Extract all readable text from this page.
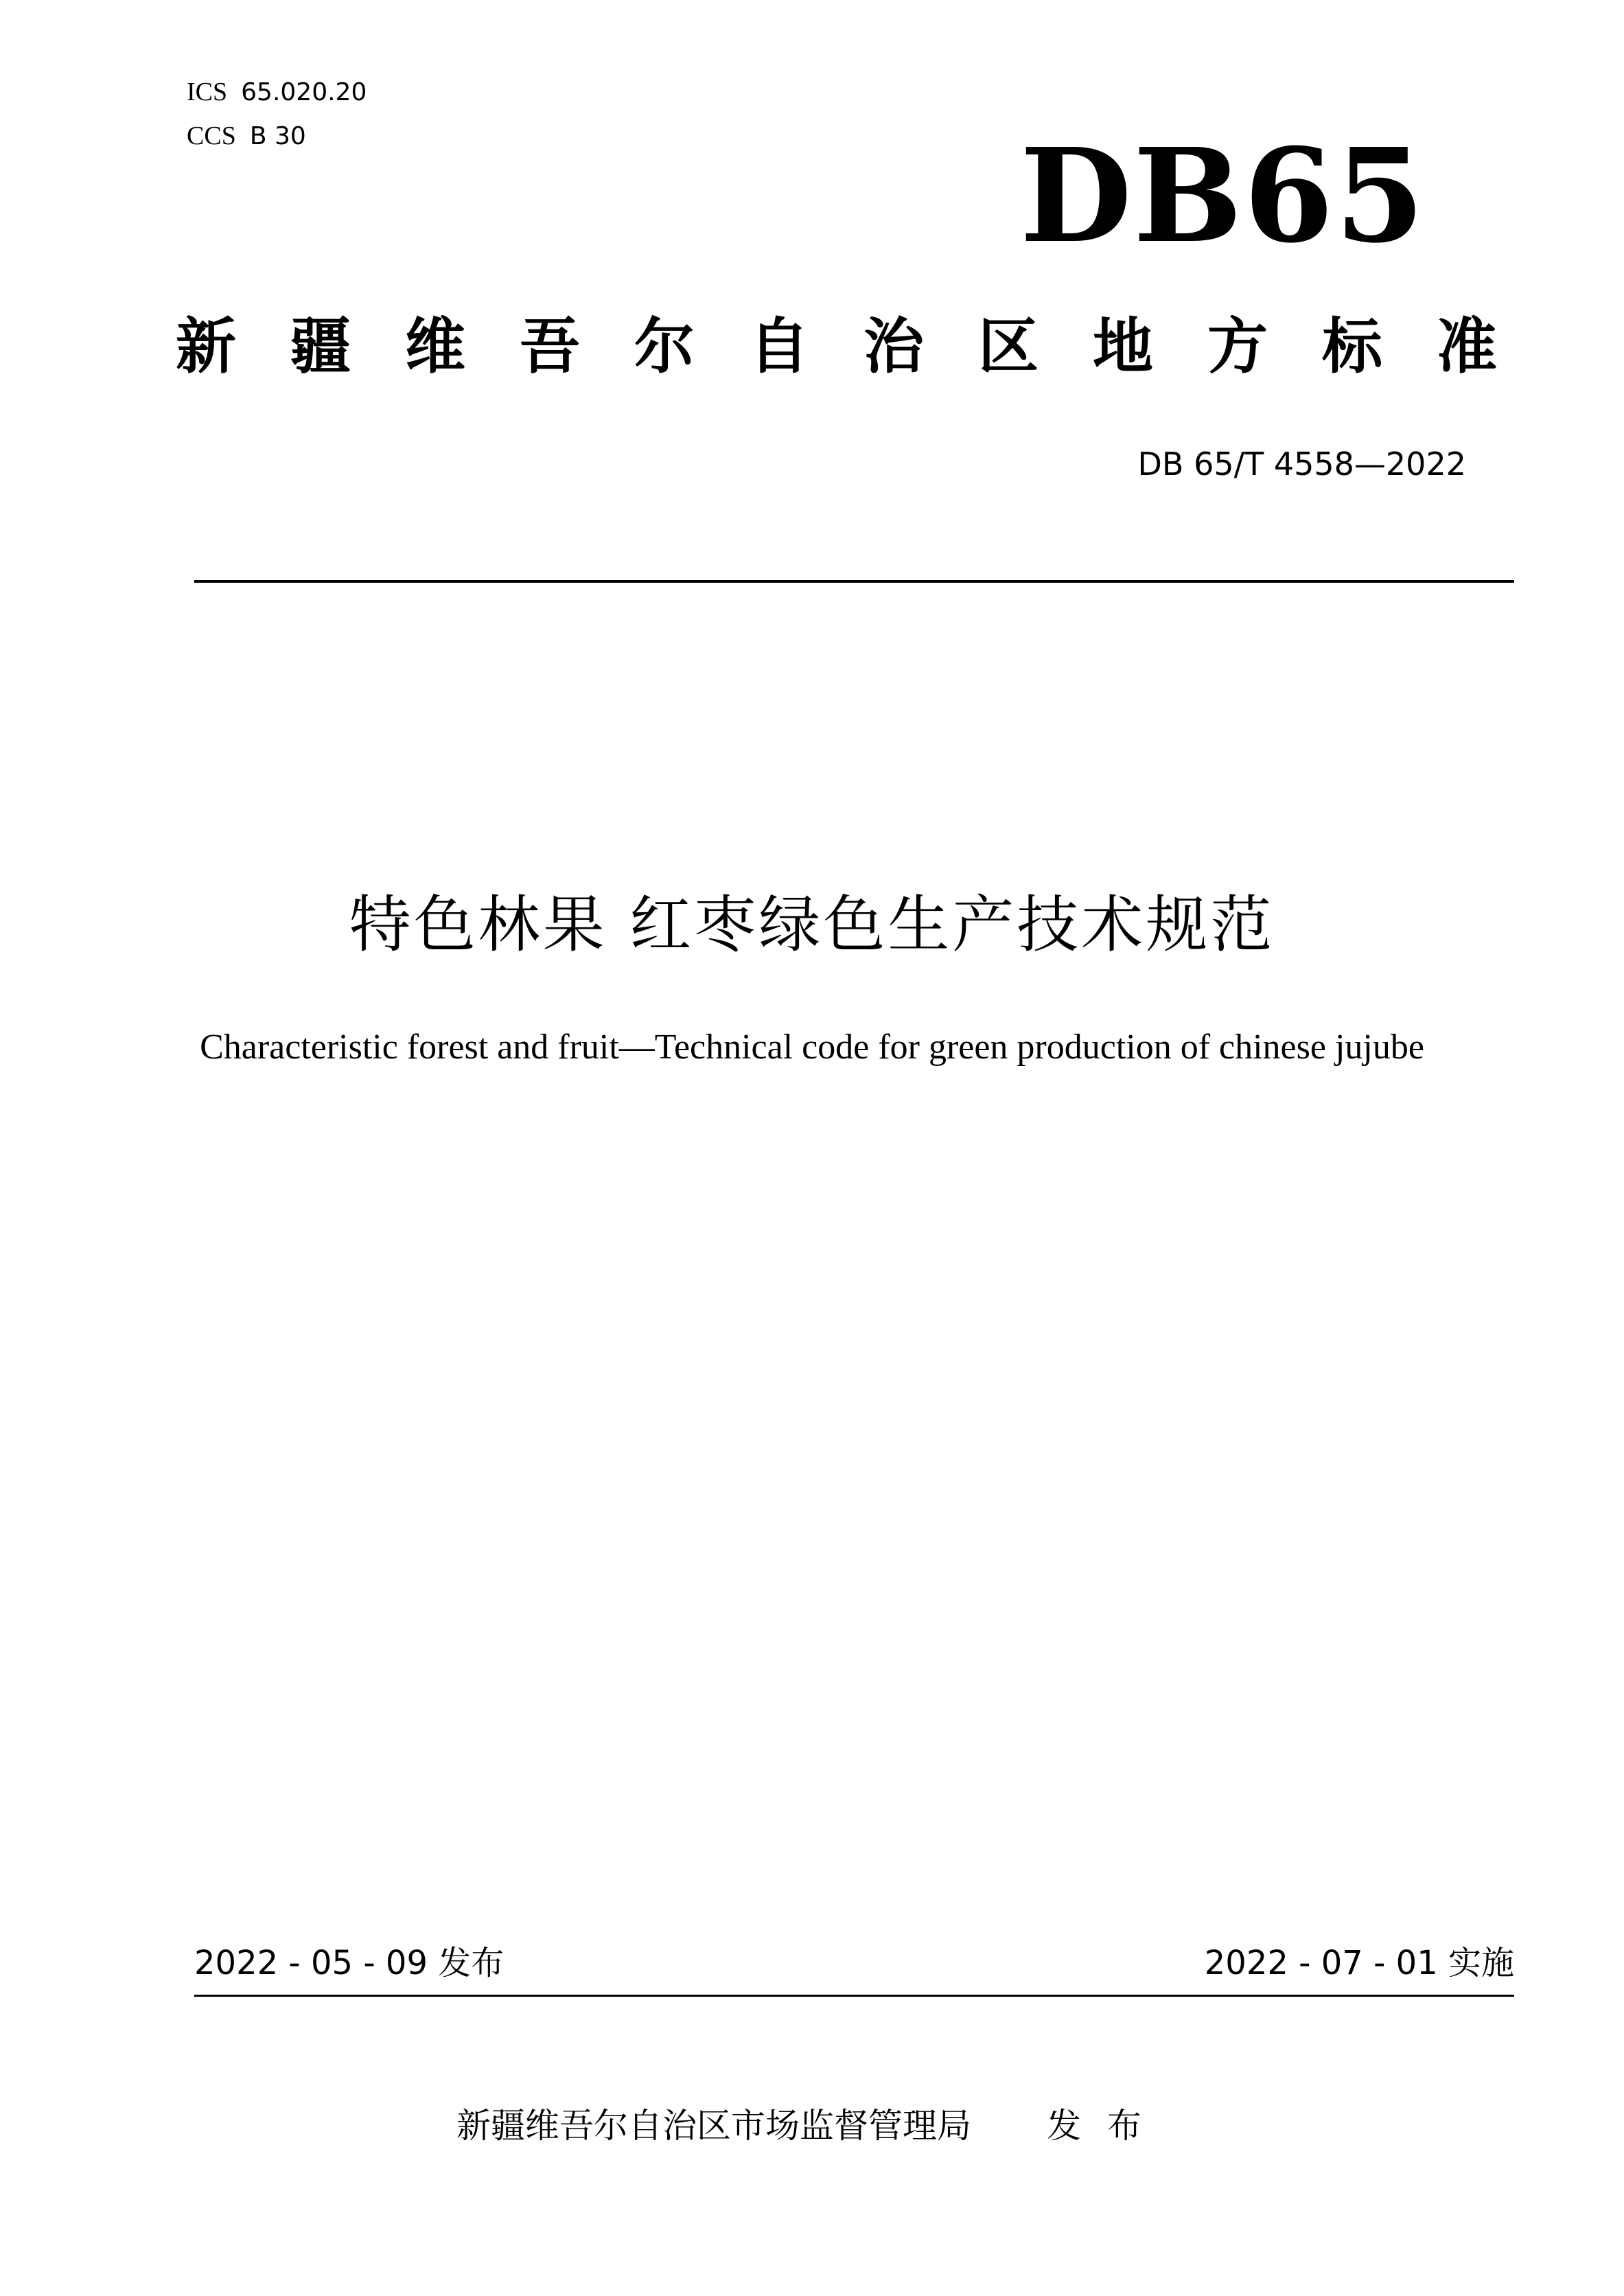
ICS 65.020.20
CCS B 30	DB65
新疆维吾尔自治区地方标准
DB 65/T 4558—2022
特色林果 红枣绿色生产技术规范
Characteristic forest and fruit—Technical code for green production of chinese jujube
2022 - 05 - 09 发布	2022 - 07 - 01 实施
新疆维吾尔自治区市场监督管理局 发布
